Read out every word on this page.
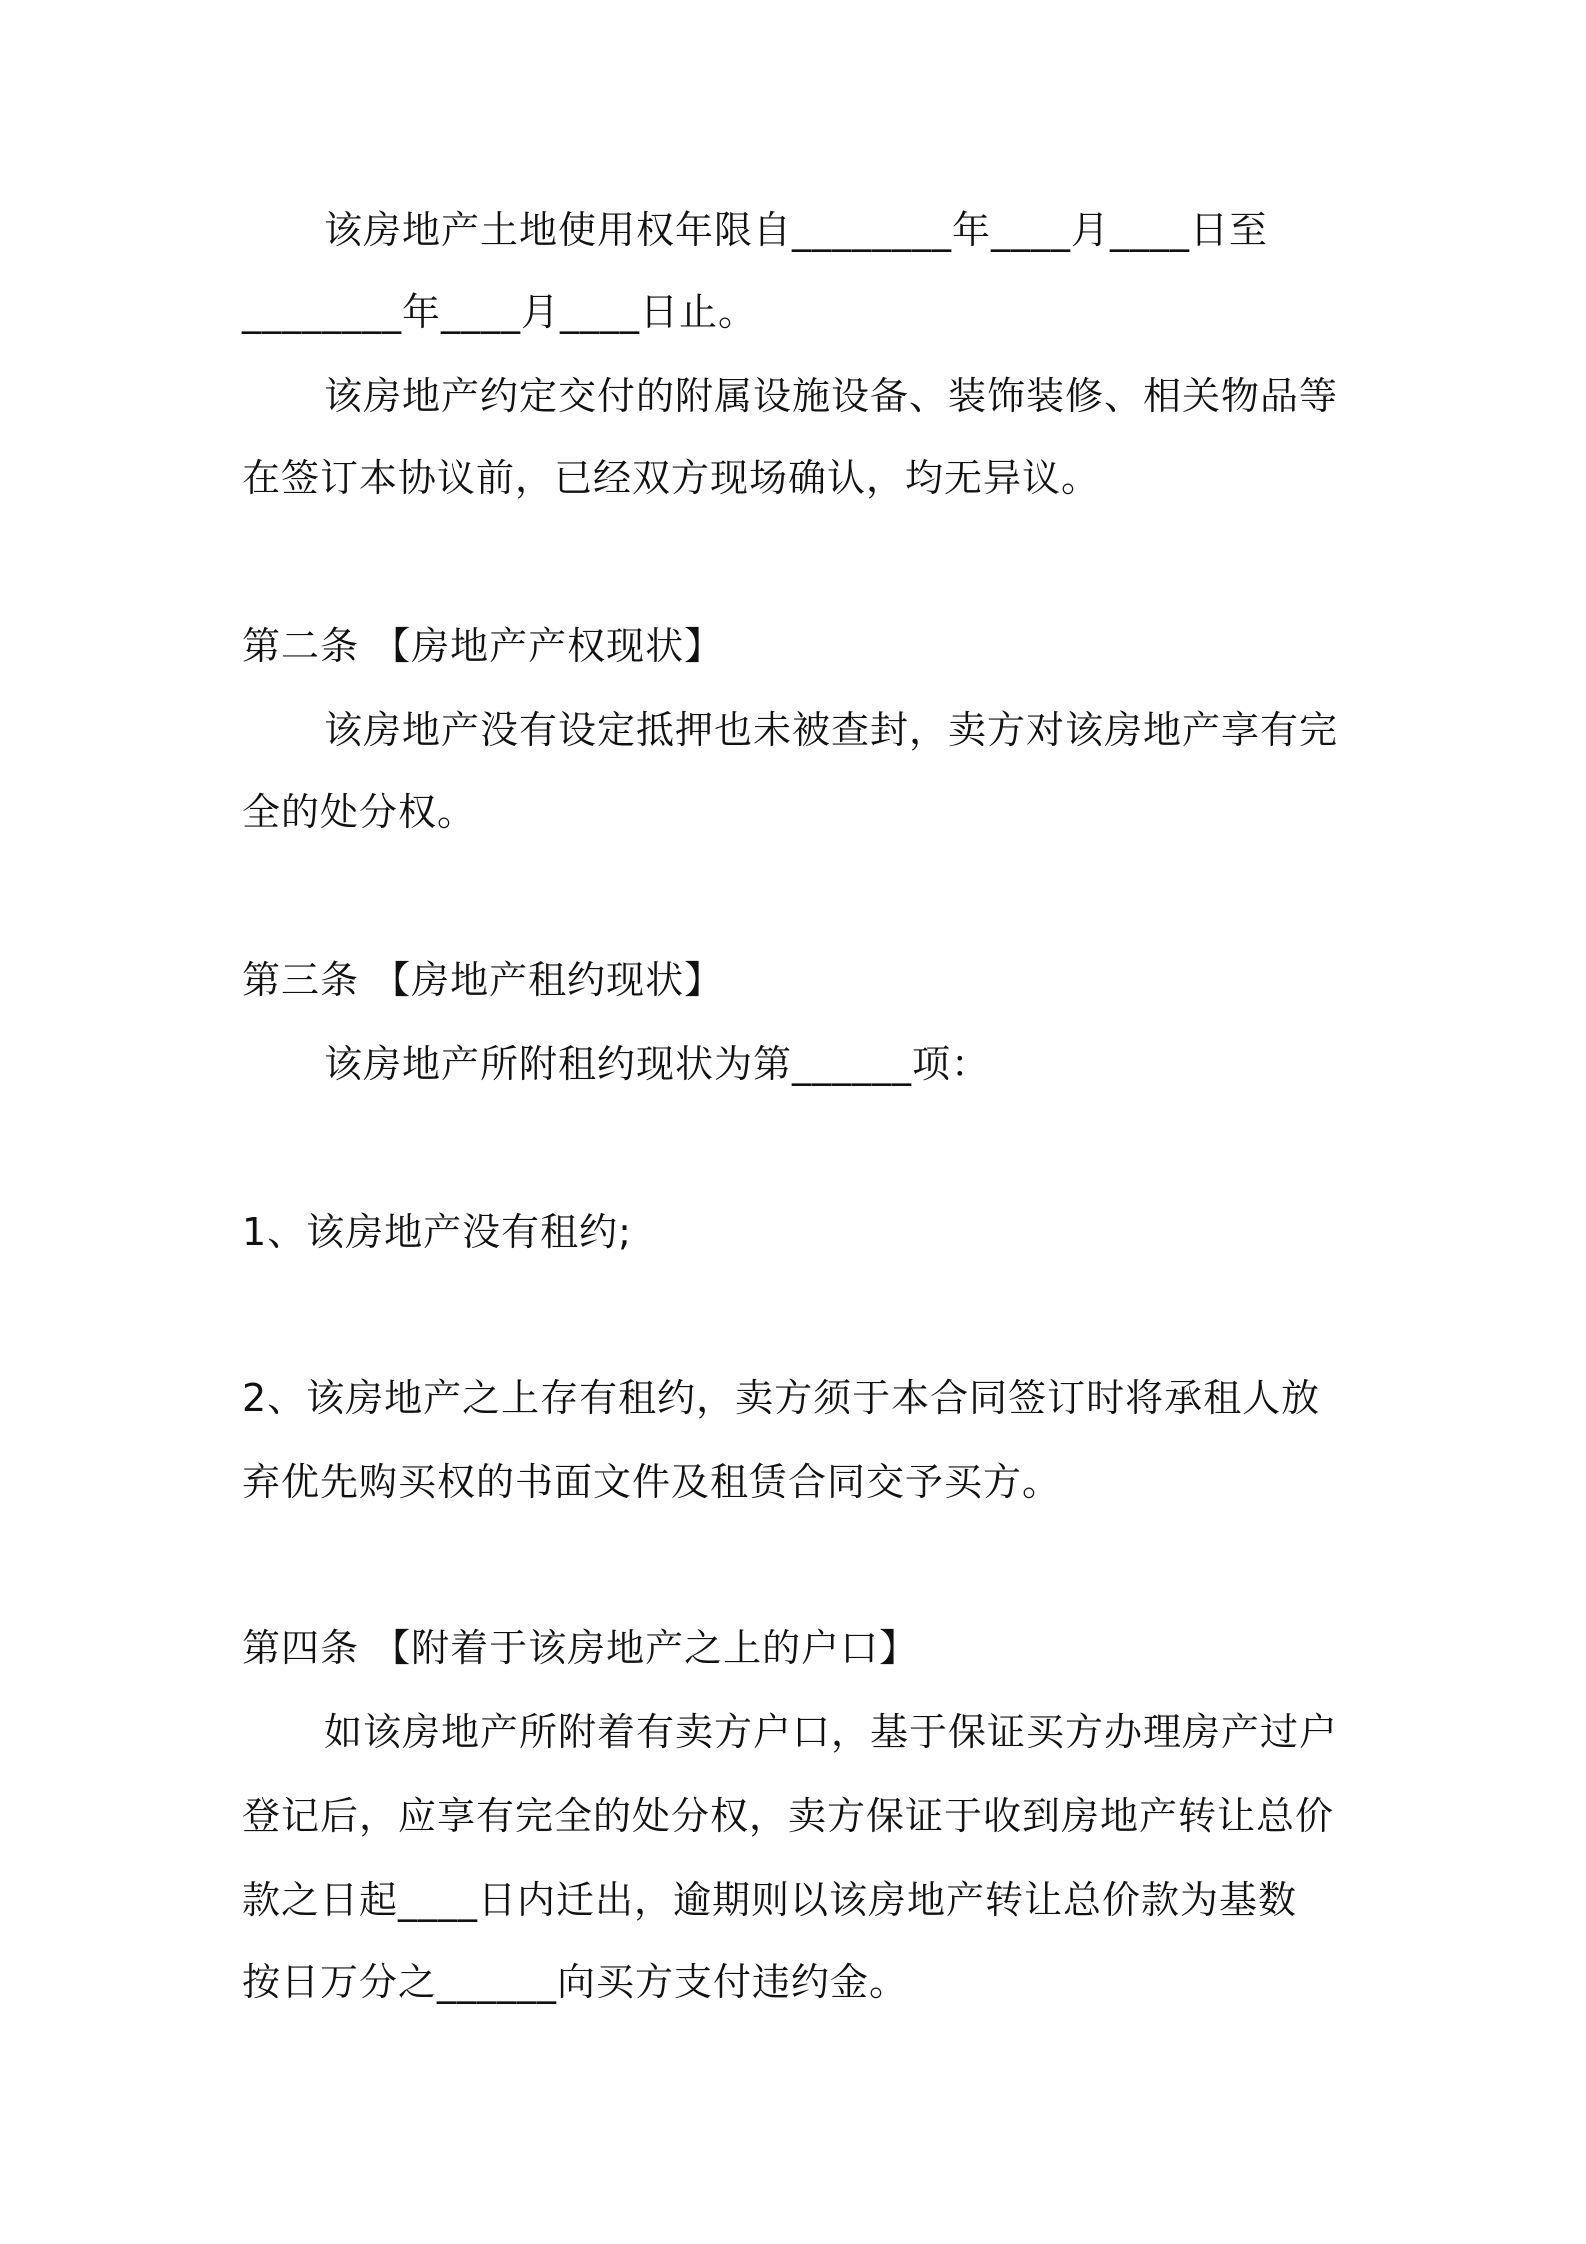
该房地产土地使用权年限自________年____月____日至
________年____月____日止。
该房地产约定交付的附属设施设备、装饰装修、相关物品等
在签订本协议前，已经双方现场确认，均无异议。
第二条 【房地产产权现状】
该房地产没有设定抵押也未被查封，卖方对该房地产享有完
全的处分权。
第三条 【房地产租约现状】
该房地产所附租约现状为第______项：
1、该房地产没有租约;
2、该房地产之上存有租约，卖方须于本合同签订时将承租人放
弃优先购买权的书面文件及租赁合同交予买方。
第四条 【附着于该房地产之上的户口】
如该房地产所附着有卖方户口，基于保证买方办理房产过户
登记后，应享有完全的处分权，卖方保证于收到房地产转让总价
款之日起____日内迁出，逾期则以该房地产转让总价款为基数
按日万分之______向买方支付违约金。
